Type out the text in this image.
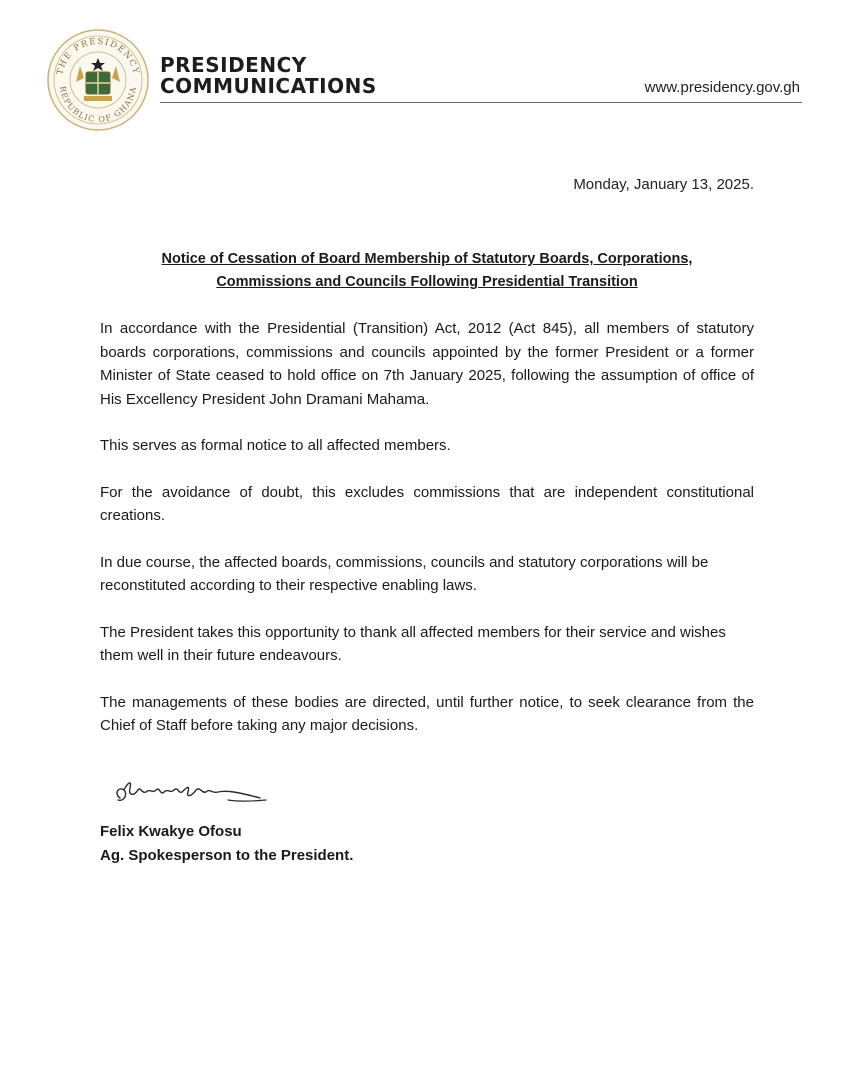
THE PRESIDENCY
REPUBLIC OF GHANA
PRESIDENCY
COMMUNICATIONS	www.presidency.gov.gh
Monday, January 13, 2025.
Notice of Cessation of Board Membership of Statutory Boards, Corporations,
Commissions and Councils Following Presidential Transition

In accordance with the Presidential (Transition) Act, 2012 (Act 845), all members of statutory boards corporations, commissions and councils appointed by the former President or a former Minister of State ceased to hold office on 7th January 2025, following the assumption of office of His Excellency President John Dramani Mahama.

This serves as formal notice to all affected members.

For the avoidance of doubt, this excludes commissions that are independent constitutional creations.

In due course, the affected boards, commissions, councils and statutory corporations will be reconstituted according to their respective enabling laws.

The President takes this opportunity to thank all affected members for their service and wishes them well in their future endeavours.

The managements of these bodies are directed, until further notice, to seek clearance from the Chief of Staff before taking any major decisions.

Felix Kwakye Ofosu
Ag. Spokesperson to the President.
